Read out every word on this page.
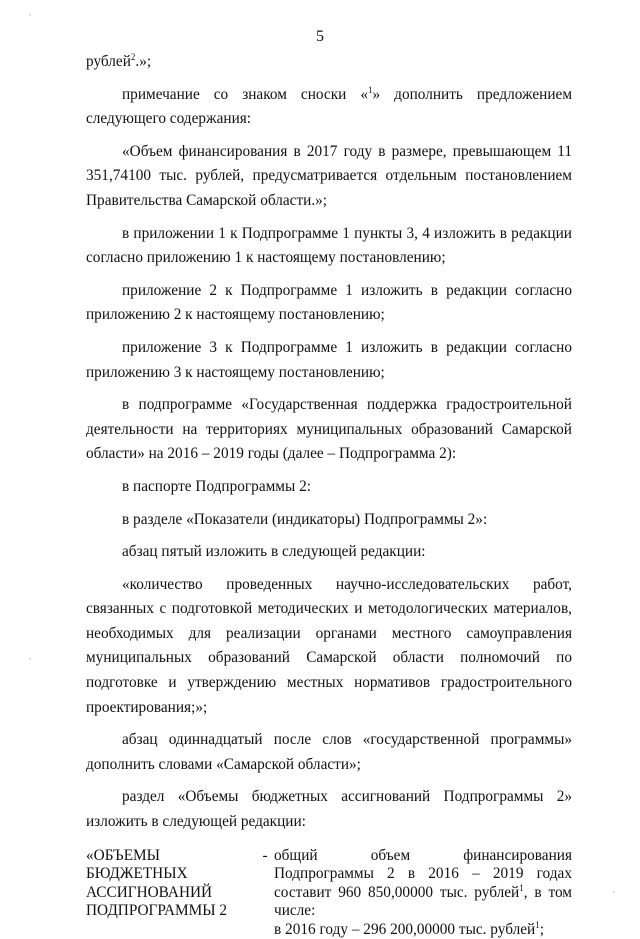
5

рублей$^2$.»;

примечание со знаком сноски «$^1$» дополнить предложением следующего содержания:

«Объем финансирования в 2017 году в размере, превышающем 11 351,74100 тыс. рублей, предусматривается отдельным постановлением Правительства Самарской области.»;

в приложении 1 к Подпрограмме 1 пункты 3, 4 изложить в редакции согласно приложению 1 к настоящему постановлению;

приложение 2 к Подпрограмме 1 изложить в редакции согласно приложению 2 к настоящему постановлению;

приложение 3 к Подпрограмме 1 изложить в редакции согласно приложению 3 к настоящему постановлению;

в подпрограмме «Государственная поддержка градостроительной деятельности на территориях муниципальных образований Самарской области» на 2016 – 2019 годы (далее – Подпрограмма 2):

в паспорте Подпрограммы 2:

в разделе «Показатели (индикаторы) Подпрограммы 2»:

абзац пятый изложить в следующей редакции:

«количество проведенных научно-исследовательских работ, связанных с подготовкой методических и методологических материалов, необходимых для реализации органами местного самоуправления муниципальных образований Самарской области полномочий по подготовке и утверждению местных нормативов градостроительного проектирования;»;

абзац одиннадцатый после слов «государственной программы» дополнить словами «Самарской области»;

раздел «Объемы бюджетных ассигнований Подпрограммы 2» изложить в следующей редакции:

«ОБЪЕМЫ
БЮДЖЕТНЫХ
АССИГНОВАНИЙ
ПОДПРОГРАММЫ 2
- общий объем финансирования Подпрограммы 2 в 2016 – 2019 годах составит 960 850,00000 тыс. рублей$^1$, в том числе:
в 2016 году – 296 200,00000 тыс. рублей$^1$;
·
·
·
